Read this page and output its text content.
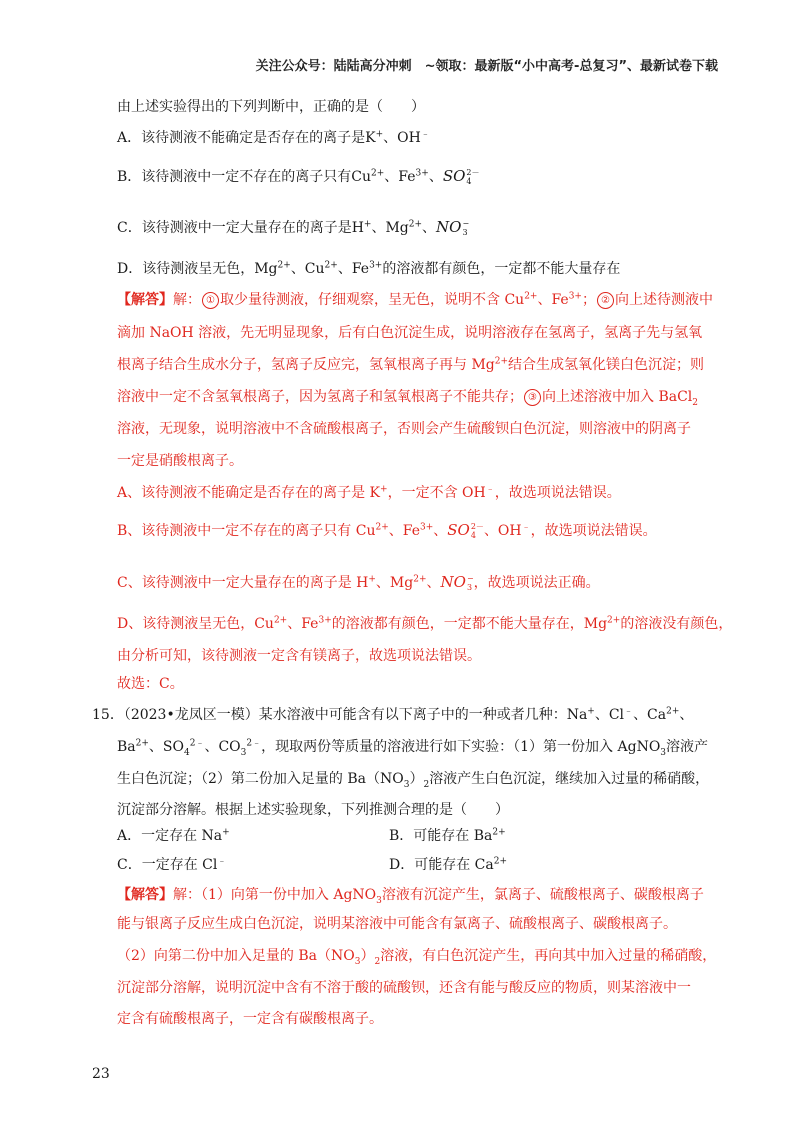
关注公众号：陆陆高分冲刺　~领取：最新版“小中高考-总复习”、最新试卷下载
由上述实验得出的下列判断中，正确的是（　　）
A．该待测液不能确定是否存在的离子是K+、OH﹣
B．该待测液中一定不存在的离子只有$Cu^{2+}$、$Fe^{3+}$、SO 2－
4
C．该待测液中一定大量存在的离子是H+、$Mg^{2+}$、NO −
3
D．该待测液呈无色，$Mg^{2+}$、$Cu^{2+}$、$Fe^{3+}$的溶液都有颜色，一定都不能大量存在
【解答】解： ① 取少量待测液，仔细观察，呈无色，说明不含 $Cu^{2+}$、$Fe^{3+}$； ② 向上述待测液中
滴加 NaOH 溶液，先无明显现象，后有白色沉淀生成，说明溶液存在氢离子，氢离子先与氢氧
根离子结合生成水分子，氢离子反应完，氢氧根离子再与 $Mg^{2+}$结合生成氢氧化镁白色沉淀；则
溶液中一定不含氢氧根离子，因为氢离子和氢氧根离子不能共存； ③ 向上述溶液中加入 BaCl$_2$
溶液，无现象，说明溶液中不含硫酸根离子，否则会产生硫酸钡白色沉淀，则溶液中的阴离子
一定是硝酸根离子。
A、该待测液不能确定是否存在的离子是 K+，一定不含 OH﹣，故选项说法错误。
B、该待测液中一定不存在的离子只有 $Cu^{2+}$、$Fe^{3+}$、SO 2－
4 、OH﹣，故选项说法错误。
C、该待测液中一定大量存在的离子是 H+、$Mg^{2+}$、NO −
3 ，故选项说法正确。
D、该待测液呈无色，$Cu^{2+}$、$Fe^{3+}$的溶液都有颜色，一定都不能大量存在，$Mg^{2+}$的溶液没有颜色，
由分析可知，该待测液一定含有镁离子，故选项说法错误。
故选：C。
15．（2023•龙凤区一模）某水溶液中可能含有以下离子中的一种或者几种：Na+、Cl﹣、$Ca^{2+}$、
$Ba^{2+}$、$SO_4^{2﹣}$、$CO_3^{2﹣}$，现取两份等质量的溶液进行如下实验：（1）第一份加入 AgNO$_3$溶液产
生白色沉淀；（2）第二份加入足量的 $Ba(NO_3)_2$溶液产生白色沉淀，继续加入过量的稀硝酸，
沉淀部分溶解。根据上述实验现象，下列推测合理的是（　　）
A．一定存在 Na+	B．可能存在 $Ba^{2+}$
C．一定存在 Cl﹣	D．可能存在 $Ca^{2+}$
【解答】解：（1）向第一份中加入 AgNO$_3$溶液有沉淀产生，氯离子、硫酸根离子、碳酸根离子
能与银离子反应生成白色沉淀，说明某溶液中可能含有氯离子、硫酸根离子、碳酸根离子。
（2）向第二份中加入足量的 $Ba(NO_3)_2$溶液，有白色沉淀产生，再向其中加入过量的稀硝酸，
沉淀部分溶解，说明沉淀中含有不溶于酸的硫酸钡，还含有能与酸反应的物质，则某溶液中一
定含有硫酸根离子，一定含有碳酸根离子。
23
